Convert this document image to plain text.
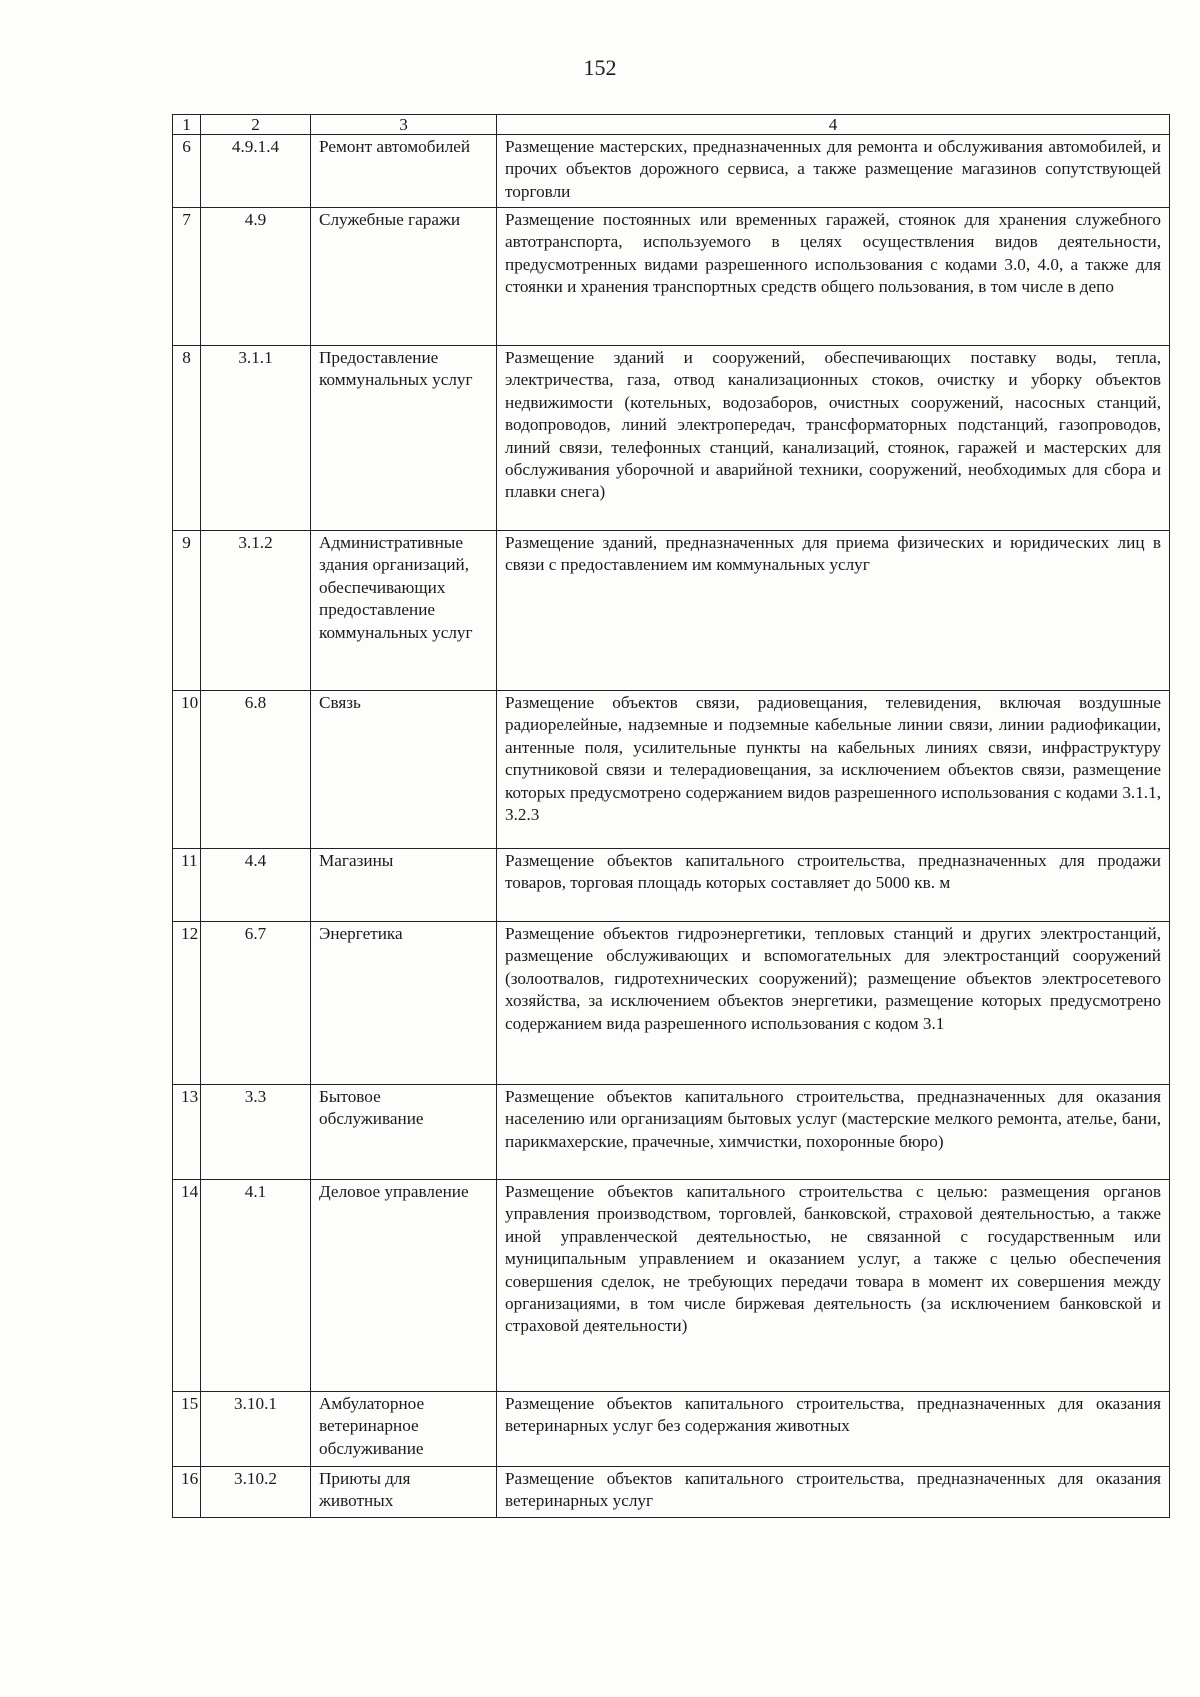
152
1	2	3	4
6	4.9.1.4	Ремонт автомобилей	Размещение мастерских, предназначенных для ремонта и обслуживания автомобилей, и прочих объектов дорожного сервиса, а также размещение магазинов сопутствующей торговли
7	4.9	Служебные гаражи	Размещение постоянных или временных гаражей, стоянок для хранения служебного автотранспорта, используемого в целях осуществления видов деятельности, предусмотренных видами разрешенного использования с кодами 3.0, 4.0, а также для стоянки и хранения транспортных средств общего пользования, в том числе в депо
8	3.1.1	Предоставление коммунальных услуг	Размещение зданий и сооружений, обеспечивающих поставку воды, тепла, электричества, газа, отвод канализационных стоков, очистку и уборку объектов недвижимости (котельных, водозаборов, очистных сооружений, насосных станций, водопроводов, линий электропередач, трансформаторных подстанций, газопроводов, линий связи, телефонных станций, канализаций, стоянок, гаражей и мастерских для обслуживания уборочной и аварийной техники, сооружений, необходимых для сбора и плавки снега)
9	3.1.2	Административные здания организаций, обеспечивающих предоставление коммунальных услуг	Размещение зданий, предназначенных для приема физических и юридических лиц в связи с предоставлением им коммунальных услуг
10	6.8	Связь	Размещение объектов связи, радиовещания, телевидения, включая воздушные радиорелейные, надземные и подземные кабельные линии связи, линии радиофикации, антенные поля, усилительные пункты на кабельных линиях связи, инфраструктуру спутниковой связи и телерадиовещания, за исключением объектов связи, размещение которых предусмотрено содержанием видов разрешенного использования с кодами 3.1.1, 3.2.3
11	4.4	Магазины	Размещение объектов капитального строительства, предназначенных для продажи товаров, торговая площадь которых составляет до 5000 кв. м
12	6.7	Энергетика	Размещение объектов гидроэнергетики, тепловых станций и других электростанций, размещение обслуживающих и вспомогательных для электростанций сооружений (золоотвалов, гидротехнических сооружений); размещение объектов электросетевого хозяйства, за исключением объектов энергетики, размещение которых предусмотрено содержанием вида разрешенного использования с кодом 3.1
13	3.3	Бытовое обслуживание	Размещение объектов капитального строительства, предназначенных для оказания населению или организациям бытовых услуг (мастерские мелкого ремонта, ателье, бани, парикмахерские, прачечные, химчистки, похоронные бюро)
14	4.1	Деловое управление	Размещение объектов капитального строительства с целью: размещения органов управления производством, торговлей, банковской, страховой деятельностью, а также иной управленческой деятельностью, не связанной с государственным или муниципальным управлением и оказанием услуг, а также с целью обеспечения совершения сделок, не требующих передачи товара в момент их совершения между организациями, в том числе биржевая деятельность (за исключением банковской и страховой деятельности)
15	3.10.1	Амбулаторное ветеринарное обслуживание	Размещение объектов капитального строительства, предназначенных для оказания ветеринарных услуг без содержания животных
16	3.10.2	Приюты для животных	Размещение объектов капитального строительства, предназначенных для оказания ветеринарных услуг
